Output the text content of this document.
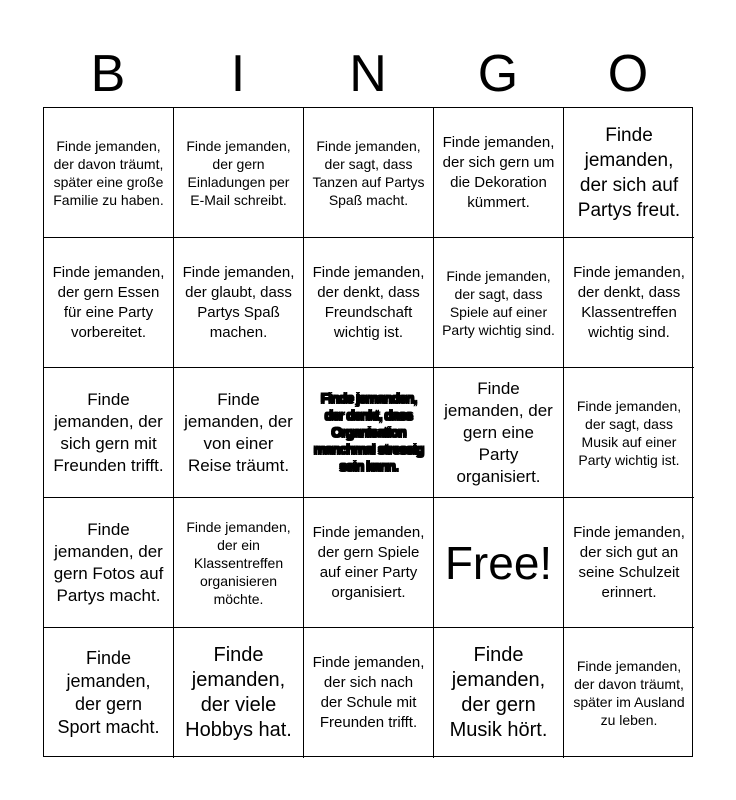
B	I	N	G	O
Finde jemanden, der davon träumt, später eine große Familie zu haben.
Finde jemanden, der gern Einladungen per E-Mail schreibt.
Finde jemanden, der sagt, dass Tanzen auf Partys Spaß macht.
Finde jemanden, der sich gern um die Dekoration kümmert.
Finde jemanden, der sich auf Partys freut.
Finde jemanden, der gern Essen für eine Party vorbereitet.
Finde jemanden, der glaubt, dass Partys Spaß machen.
Finde jemanden, der denkt, dass Freundschaft wichtig ist.
Finde jemanden, der sagt, dass Spiele auf einer Party wichtig sind.
Finde jemanden, der denkt, dass Klassentreffen wichtig sind.
Finde jemanden, der sich gern mit Freunden trifft.
Finde jemanden, der von einer Reise träumt.
Finde jemanden, der denkt, dass Organisation manchmal stressig sein kann.
Finde jemanden, der gern eine Party organisiert.
Finde jemanden, der sagt, dass Musik auf einer Party wichtig ist.
Finde jemanden, der gern Fotos auf Partys macht.
Finde jemanden, der ein Klassentreffen organisieren möchte.
Finde jemanden, der gern Spiele auf einer Party organisiert.
Free!
Finde jemanden, der sich gut an seine Schulzeit erinnert.
Finde jemanden, der gern Sport macht.
Finde jemanden, der viele Hobbys hat.
Finde jemanden, der sich nach der Schule mit Freunden trifft.
Finde jemanden, der gern Musik hört.
Finde jemanden, der davon träumt, später im Ausland zu leben.
